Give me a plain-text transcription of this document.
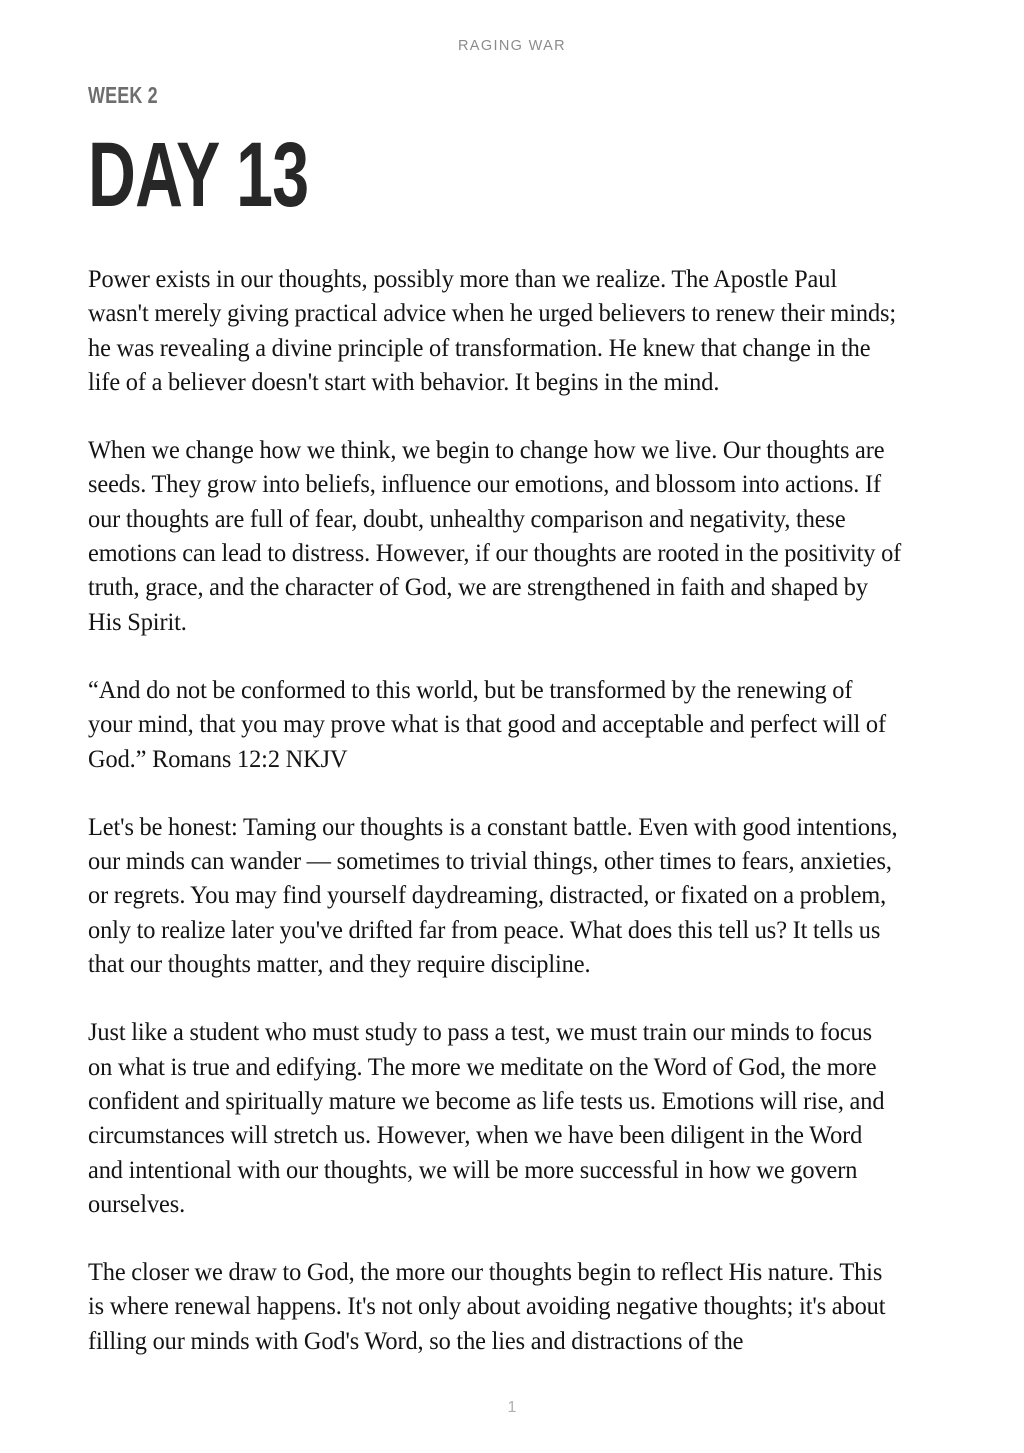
RAGING WAR
WEEK 2
DAY 13

Power exists in our thoughts, possibly more than we realize. The Apostle Paul wasn't merely giving practical advice when he urged believers to renew their minds; he was revealing a divine principle of transformation. He knew that change in the life of a believer doesn't start with behavior. It begins in the mind.

When we change how we think, we begin to change how we live. Our thoughts are seeds. They grow into beliefs, influence our emotions, and blossom into actions. If our thoughts are full of fear, doubt, unhealthy comparison and negativity, these emotions can lead to distress. However, if our thoughts are rooted in the positivity of truth, grace, and the character of God, we are strengthened in faith and shaped by His Spirit.

“And do not be conformed to this world, but be transformed by the renewing of your mind, that you may prove what is that good and acceptable and perfect will of God.” Romans 12:2 NKJV

Let's be honest: Taming our thoughts is a constant battle. Even with good intentions, our minds can wander — sometimes to trivial things, other times to fears, anxieties, or regrets. You may find yourself daydreaming, distracted, or fixated on a problem, only to realize later you've drifted far from peace. What does this tell us? It tells us that our thoughts matter, and they require discipline.

Just like a student who must study to pass a test, we must train our minds to focus on what is true and edifying. The more we meditate on the Word of God, the more confident and spiritually mature we become as life tests us. Emotions will rise, and circumstances will stretch us. However, when we have been diligent in the Word and intentional with our thoughts, we will be more successful in how we govern ourselves.

The closer we draw to God, the more our thoughts begin to reflect His nature. This is where renewal happens. It's not only about avoiding negative thoughts; it's about filling our minds with God's Word, so the lies and distractions of the

1
